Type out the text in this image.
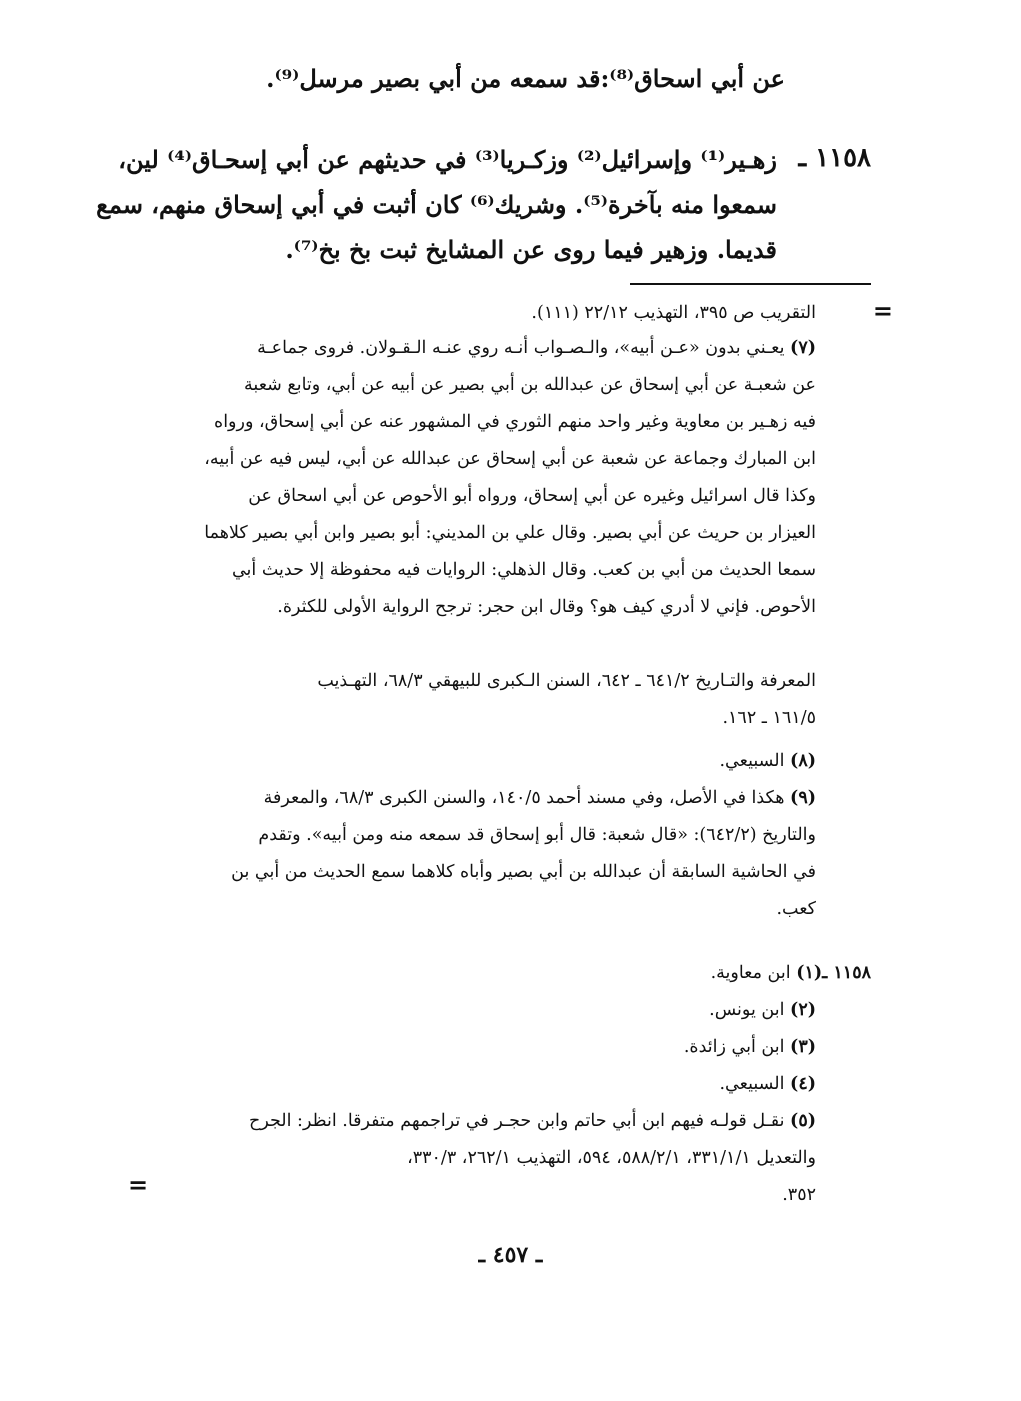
عن أبي اسحاق⁽⁸⁾:قد سمعه من أبي بصير مرسل⁽⁹⁾.
١١٥٨ ـ
زهـير⁽¹⁾ وإسرائيل⁽²⁾ وزكـريا⁽³⁾ في حديثهم عن أبي إسحـاق⁽⁴⁾ لين،
سمعوا منه بآخرة⁽⁵⁾. وشريك⁽⁶⁾ كان أثبت في أبي إسحاق منهم، سمع
قديما. وزهير فيما روى عن المشايخ ثبت بخ بخ⁽⁷⁾.
=
التقريب ص ٣٩٥، التهذيب ٢٢/١٢ (١١١).
(٧) يعـني بدون «عـن أبيه»، والـصـواب أنـه روي عنـه الـقـولان. فروى جماعـة
عن شعبـة عن أبي إسحاق عن عبدالله بن أبي بصير عن أبيه عن أبي، وتابع شعبة
فيه زهـير بن معاوية وغير واحد منهم الثوري في المشهور عنه عن أبي إسحاق، ورواه
ابن المبارك وجماعة عن شعبة عن أبي إسحاق عن عبدالله عن أبي، ليس فيه عن أبيه،
وكذا قال اسرائيل وغيره عن أبي إسحاق، ورواه أبو الأحوص عن أبي اسحاق عن
العيزار بن حريث عن أبي بصير. وقال علي بن المديني: أبو بصير وابن أبي بصير كلاهما
سمعا الحديث من أبي بن كعب. وقال الذهلي: الروايات فيه محفوظة إلا حديث أبي
الأحوص. فإني لا أدري كيف هو؟ وقال ابن حجر: ترجح الرواية الأولى للكثرة.
المعرفة والتـاريخ ٦٤١/٢ ـ ٦٤٢، السنن الـكبرى للبيهقي ٦٨/٣، التهـذيب
١٦١/٥ ـ ١٦٢.
(٨) السبيعي.
(٩) هكذا في الأصل، وفي مسند أحمد ١٤٠/٥، والسنن الكبرى ٦٨/٣، والمعرفة
والتاريخ (٦٤٢/٢): «قال شعبة: قال أبو إسحاق قد سمعه منه ومن أبيه». وتقدم
في الحاشية السابقة أن عبدالله بن أبي بصير وأباه كلاهما سمع الحديث من أبي بن
كعب.
١١٥٨ ـ(١) ابن معاوية.
(٢) ابن يونس.
(٣) ابن أبي زائدة.
(٤) السبيعي.
(٥) نقـل قولـه فيهم ابن أبي حاتم وابن حجـر في تراجمهم متفرقا. انظر: الجرح
والتعديل ٣٣١/١/١، ٥٨٨/٢/١، ٥٩٤، التهذيب ٢٦٢/١، ٣٣٠/٣،
٣٥٢.
=
ـ ٤٥٧ ـ
